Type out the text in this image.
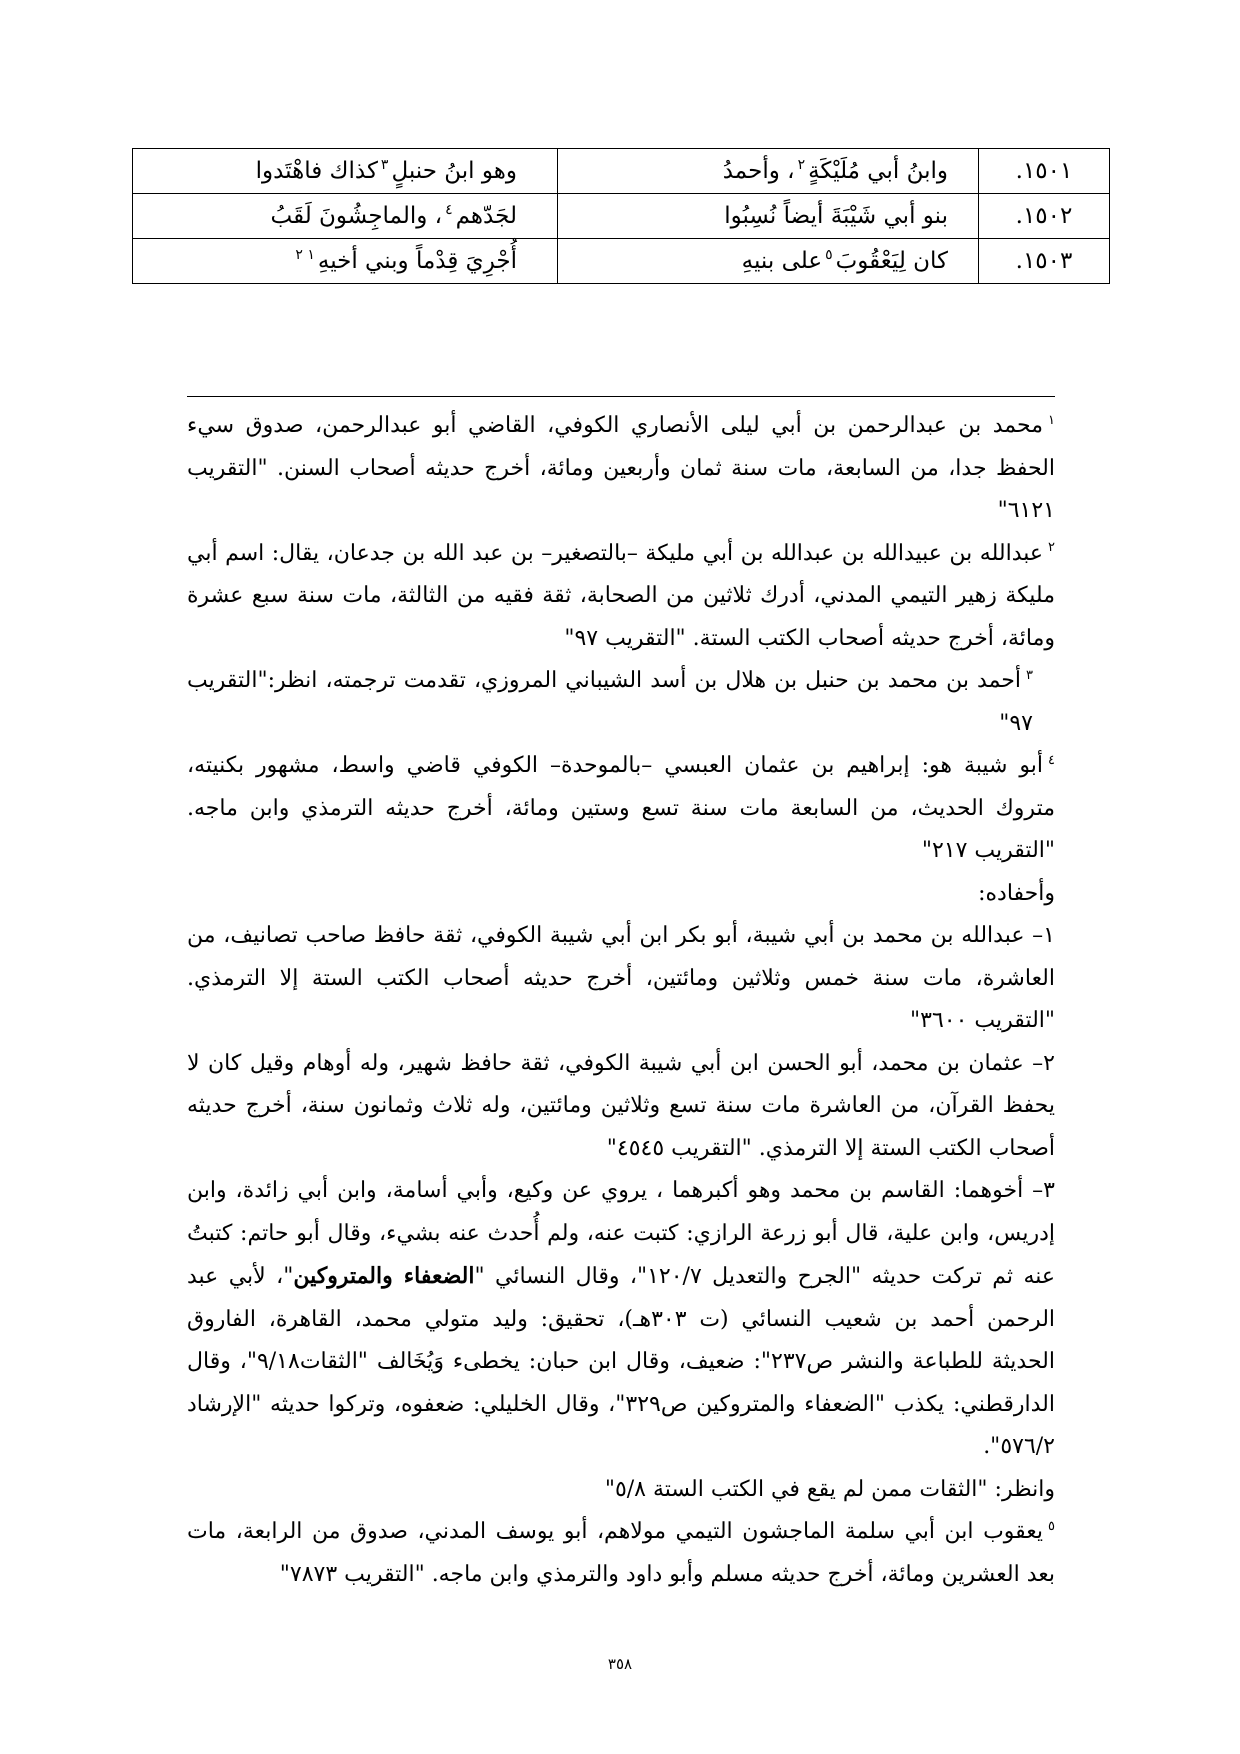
١٥٠١.	وابنُ أبي مُلَيْكَةٍ$^٢$، وأحمدُ	وهو ابنُ حنبلٍ$^٣$كذاك فاهْتَدوا
١٥٠٢.	بنو أبي شَيْبَةَ أيضاً نُسِبُوا	لجَدّهم$^٤$، والماجِشُونَ لَقَبُ
١٥٠٣.	كان لِيَعْقُوبَ$^٥$على بنيهِ	أُجْرِيَ قِدْماً وبني أخيهِ$^{١ ٢}$

$^١$محمد بن عبدالرحمن بن أبي ليلى الأنصاري الكوفي، القاضي أبو عبدالرحمن، صدوق سيء الحفظ جدا، من السابعة، مات سنة ثمان وأربعين ومائة، أخرج حديثه أصحاب السنن. "التقريب ٦١٢١"

$^٢$عبدالله بن عبيدالله بن عبدالله بن أبي مليكة –بالتصغير– بن عبد الله بن جدعان، يقال: اسم أبي مليكة زهير التيمي المدني، أدرك ثلاثين من الصحابة، ثقة فقيه من الثالثة، مات سنة سبع عشرة ومائة، أخرج حديثه أصحاب الكتب الستة. "التقريب ٩٧"

$^٣$أحمد بن محمد بن حنبل بن هلال بن أسد الشيباني المروزي، تقدمت ترجمته، انظر:"التقريب ٩٧"

$^٤$أبو شيبة هو: إبراهيم بن عثمان العبسي –بالموحدة– الكوفي قاضي واسط، مشهور بكنيته، متروك الحديث، من السابعة مات سنة تسع وستين ومائة، أخرج حديثه الترمذي وابن ماجه. "التقريب ٢١٧"

وأحفاده:

١– عبدالله بن محمد بن أبي شيبة، أبو بكر ابن أبي شيبة الكوفي، ثقة حافظ صاحب تصانيف، من العاشرة، مات سنة خمس وثلاثين ومائتين، أخرج حديثه أصحاب الكتب الستة إلا الترمذي. "التقريب ٣٦٠٠"

٢– عثمان بن محمد، أبو الحسن ابن أبي شيبة الكوفي، ثقة حافظ شهير، وله أوهام وقيل كان لا يحفظ القرآن، من العاشرة مات سنة تسع وثلاثين ومائتين، وله ثلاث وثمانون سنة، أخرج حديثه أصحاب الكتب الستة إلا الترمذي. "التقريب ٤٥٤٥"

٣– أخوهما: القاسم بن محمد وهو أكبرهما ، يروي عن وكيع، وأبي أسامة، وابن أبي زائدة، وابن إدريس، وابن علية، قال أبو زرعة الرازي: كتبت عنه، ولم أُحدث عنه بشيء، وقال أبو حاتم: كتبتُ عنه ثم تركت حديثه "الجرح والتعديل ١٢٠/٧"، وقال النسائي "الضعفاء والمتروكين"، لأبي عبد الرحمن أحمد بن شعيب النسائي (ت ٣٠٣هـ)، تحقيق: وليد متولي محمد، القاهرة، الفاروق الحديثة للطباعة والنشر ص٢٣٧": ضعيف، وقال ابن حبان: يخطىء وَيُخَالف "الثقات٩/١٨"، وقال الدارقطني: يكذب "الضعفاء والمتروكين ص٣٢٩"، وقال الخليلي: ضعفوه، وتركوا حديثه "الإرشاد ٥٧٦/٢".

وانظر: "الثقات ممن لم يقع في الكتب الستة ٥/٨"

$^٥$يعقوب ابن أبي سلمة الماجشون التيمي مولاهم، أبو يوسف المدني، صدوق من الرابعة، مات بعد العشرين ومائة، أخرج حديثه مسلم وأبو داود والترمذي وابن ماجه. "التقريب ٧٨٧٣"

٣٥٨
